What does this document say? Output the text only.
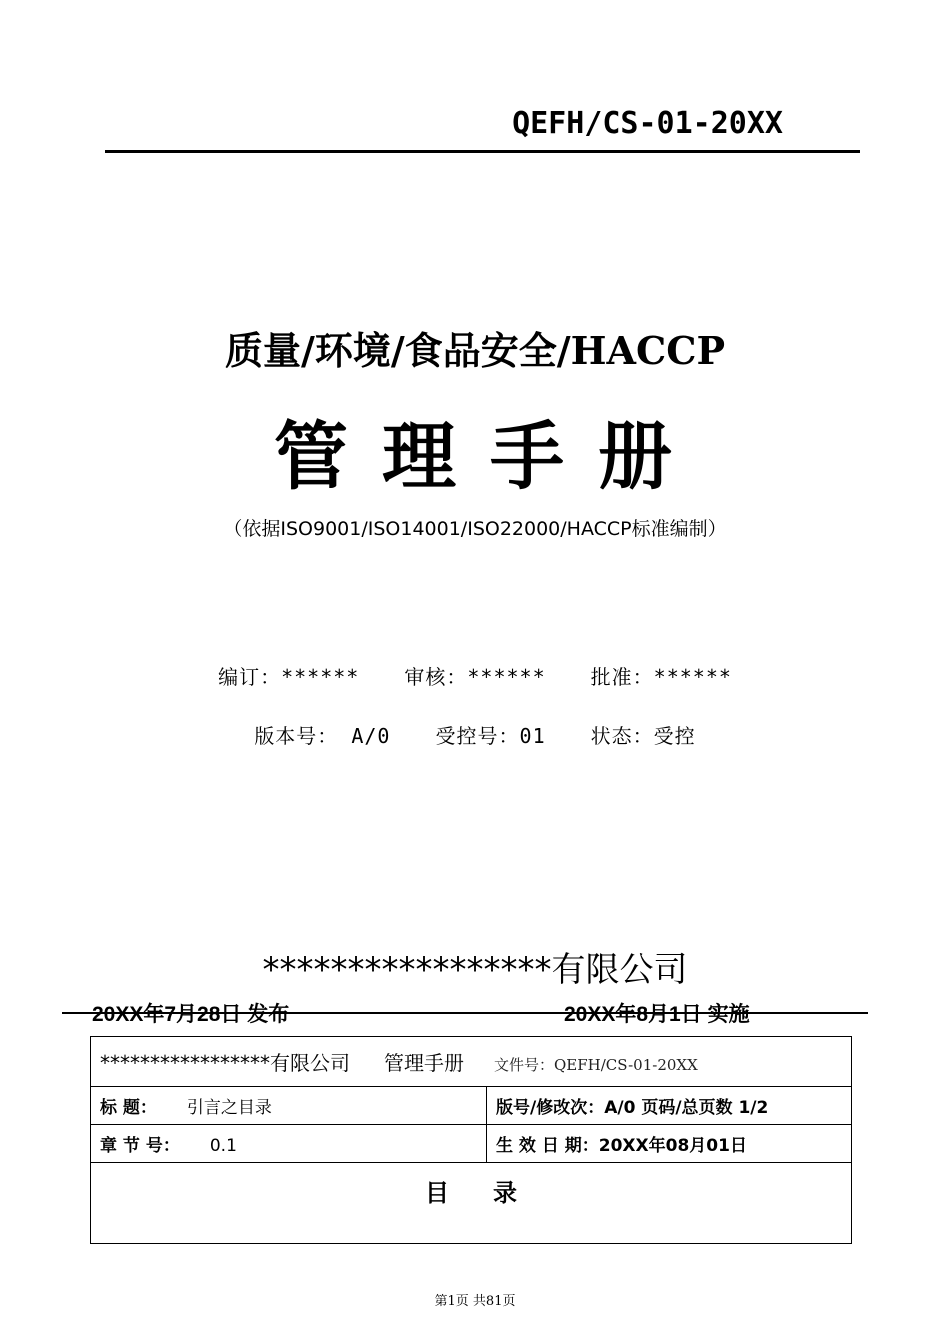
QEFH/CS-01-20XX
质量/环境/食品安全/HACCP
管理手册
（依据ISO9001/ISO14001/ISO22000/HACCP标准编制）
编订：****** 审核：****** 批准：******
版本号： A/0 受控号：01 状态：受控
*****************有限公司
20XX年7月28日 发布	20XX年8月1日 实施
*****************有限公司 管理手册 文件号：QEFH/CS-01-20XX	
标 题： 引言之目录	版号/修改次：A/0 页码/总页数 1/2
章 节 号： 0.1	生 效 日 期：20XX年08月01日

目录	
第1页 共81页
